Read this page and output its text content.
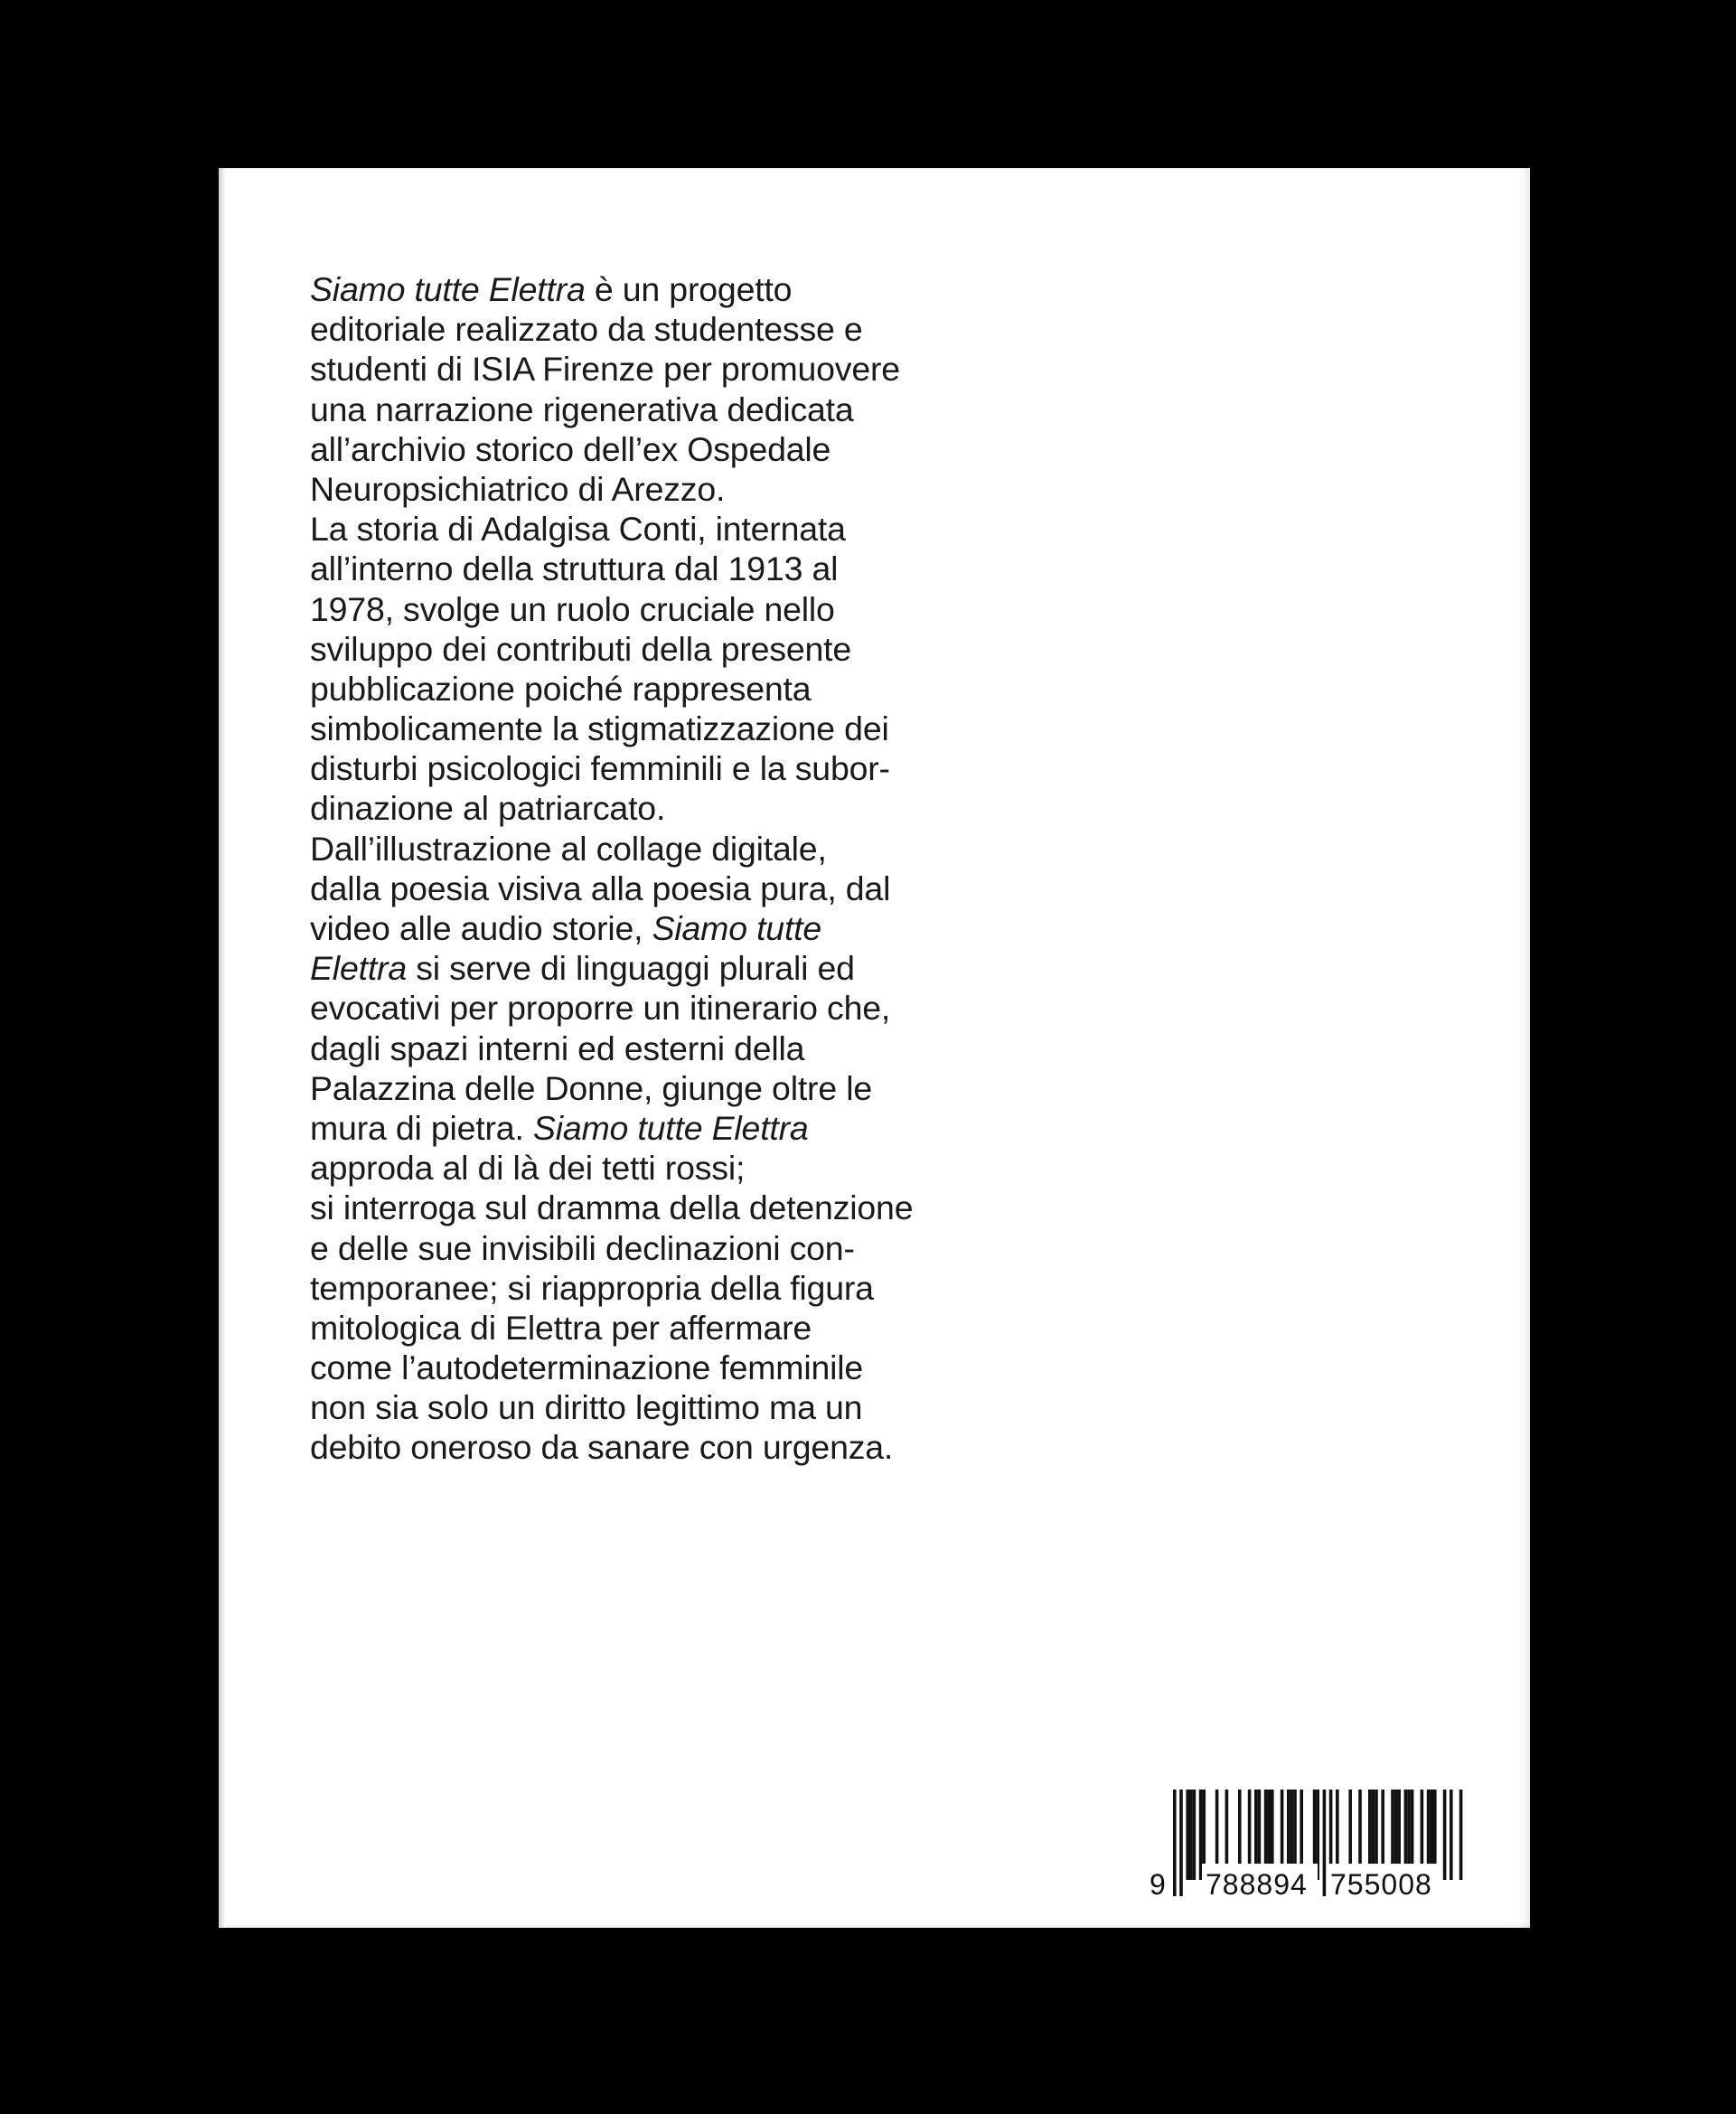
Siamo tutte Elettra è un progetto
editoriale realizzato da studentesse e
studenti di ISIA Firenze per promuovere
una narrazione rigenerativa dedicata
all’archivio storico dell’ex Ospedale
Neuropsichiatrico di Arezzo.
La storia di Adalgisa Conti, internata
all’interno della struttura dal 1913 al
1978, svolge un ruolo cruciale nello
sviluppo dei contributi della presente
pubblicazione poiché rappresenta
simbolicamente la stigmatizzazione dei
disturbi psicologici femminili e la subor-
dinazione al patriarcato.
Dall’illustrazione al collage digitale,
dalla poesia visiva alla poesia pura, dal
video alle audio storie, Siamo tutte
Elettra si serve di linguaggi plurali ed
evocativi per proporre un itinerario che,
dagli spazi interni ed esterni della
Palazzina delle Donne, giunge oltre le
mura di pietra. Siamo tutte Elettra
approda al di là dei tetti rossi;
si interroga sul dramma della detenzione
e delle sue invisibili declinazioni con-
temporanee; si riappropria della figura
mitologica di Elettra per affermare
come l’autodeterminazione femminile
non sia solo un diritto legittimo ma un
debito oneroso da sanare con urgenza.
9 788894 755008
